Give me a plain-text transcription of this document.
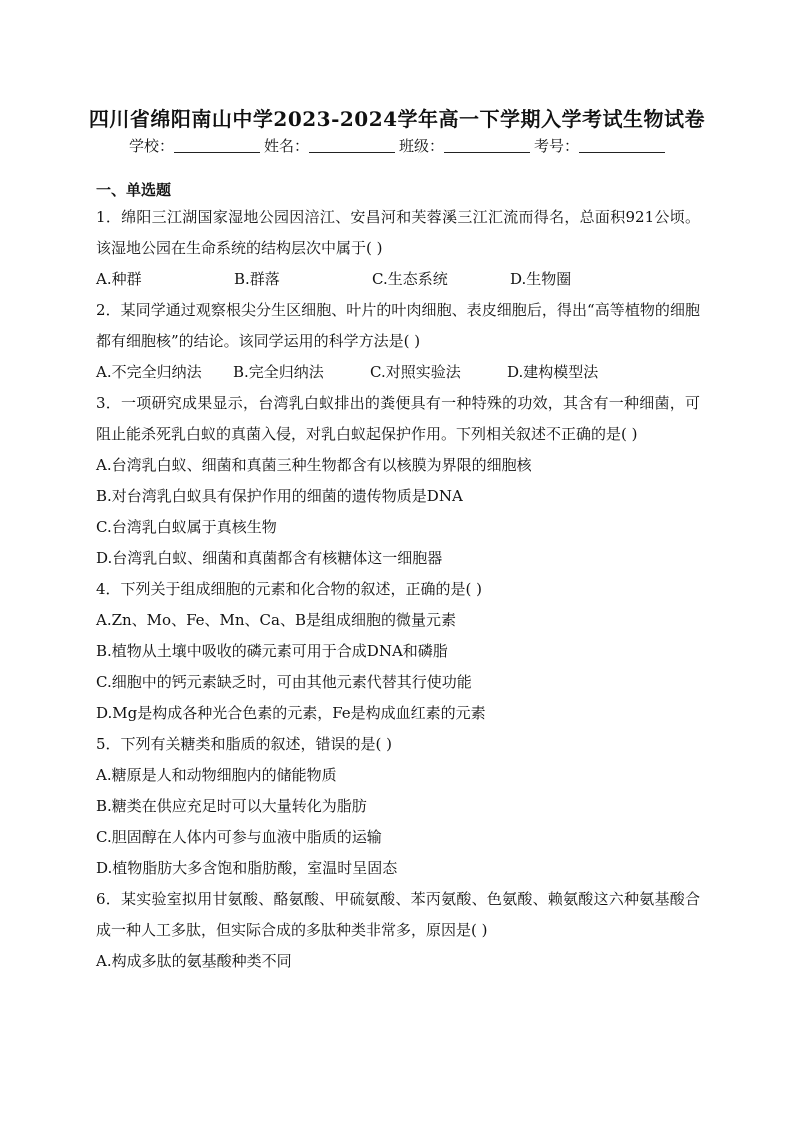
四川省绵阳南山中学2023-2024学年高一下学期入学考试生物试卷
学校：	姓名：	班级：	考号：
一、单选题
1．绵阳三江湖国家湿地公园因涪江、安昌河和芙蓉溪三江汇流而得名，总面积921公顷。该湿地公园在生命系统的结构层次中属于( )
A.种群	B.群落	C.生态系统	D.生物圈
2．某同学通过观察根尖分生区细胞、叶片的叶肉细胞、表皮细胞后，得出“高等植物的细胞都有细胞核”的结论。该同学运用的科学方法是( )
A.不完全归纳法	B.完全归纳法	C.对照实验法	D.建构模型法
3．一项研究成果显示，台湾乳白蚁排出的粪便具有一种特殊的功效，其含有一种细菌，可阻止能杀死乳白蚁的真菌入侵，对乳白蚁起保护作用。下列相关叙述不正确的是( )
A.台湾乳白蚁、细菌和真菌三种生物都含有以核膜为界限的细胞核
B.对台湾乳白蚁具有保护作用的细菌的遗传物质是DNA
C.台湾乳白蚁属于真核生物
D.台湾乳白蚁、细菌和真菌都含有核糖体这一细胞器
4．下列关于组成细胞的元素和化合物的叙述，正确的是( )
A.Zn、Mo、Fe、Mn、Ca、B是组成细胞的微量元素
B.植物从土壤中吸收的磷元素可用于合成DNA和磷脂
C.细胞中的钙元素缺乏时，可由其他元素代替其行使功能
D.Mg是构成各种光合色素的元素，Fe是构成血红素的元素
5．下列有关糖类和脂质的叙述，错误的是( )
A.糖原是人和动物细胞内的储能物质
B.糖类在供应充足时可以大量转化为脂肪
C.胆固醇在人体内可参与血液中脂质的运输
D.植物脂肪大多含饱和脂肪酸，室温时呈固态
6．某实验室拟用甘氨酸、酪氨酸、甲硫氨酸、苯丙氨酸、色氨酸、赖氨酸这六种氨基酸合成一种人工多肽，但实际合成的多肽种类非常多，原因是( )
A.构成多肽的氨基酸种类不同
